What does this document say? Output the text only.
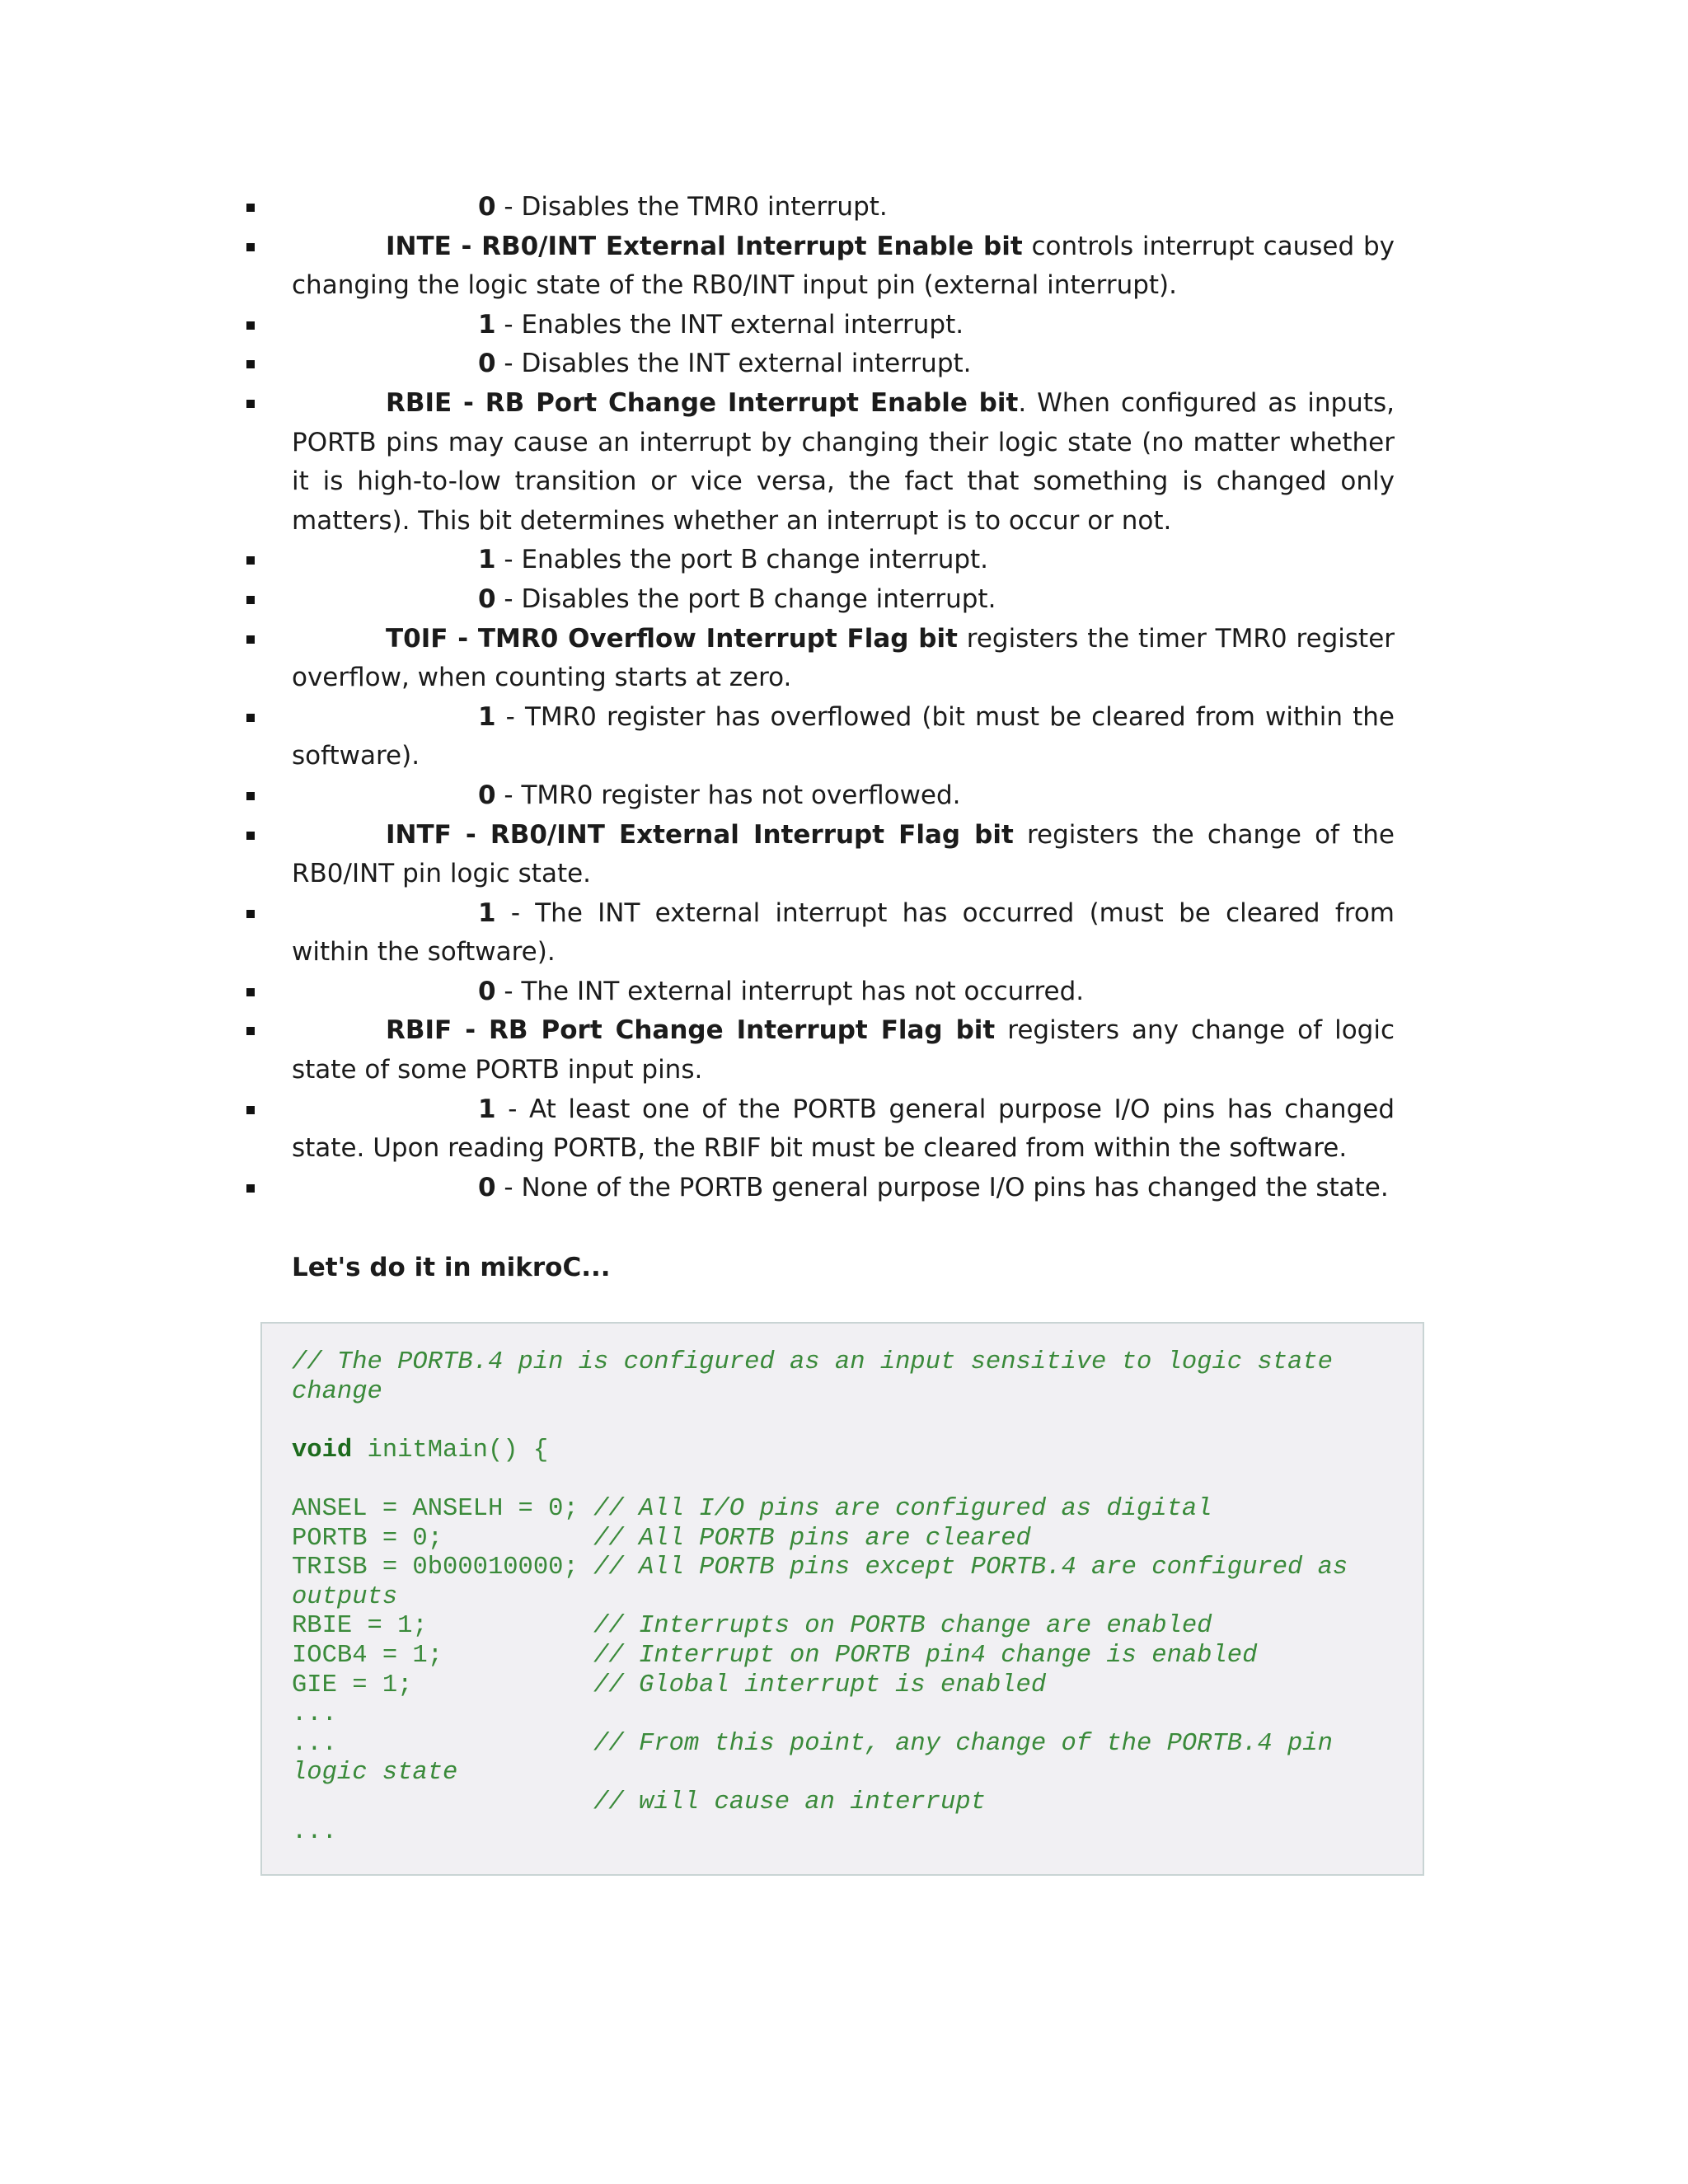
0 - Disables the TMR0 interrupt.
INTE - RB0/INT External Interrupt Enable bit controls interrupt caused by changing the logic state of the RB0/INT input pin (external interrupt).
1 - Enables the INT external interrupt.
0 - Disables the INT external interrupt.
RBIE - RB Port Change Interrupt Enable bit. When configured as inputs, PORTB pins may cause an interrupt by changing their logic state (no matter whether it is high-to-low transition or vice versa, the fact that something is changed only matters). This bit determines whether an interrupt is to occur or not.
1 - Enables the port B change interrupt.
0 - Disables the port B change interrupt.
T0IF - TMR0 Overflow Interrupt Flag bit registers the timer TMR0 register overflow, when counting starts at zero.
1 - TMR0 register has overflowed (bit must be cleared from within the software).
0 - TMR0 register has not overflowed.
INTF - RB0/INT External Interrupt Flag bit registers the change of the RB0/INT pin logic state.
1 - The INT external interrupt has occurred (must be cleared from within the software).
0 - The INT external interrupt has not occurred.
RBIF - RB Port Change Interrupt Flag bit registers any change of logic state of some PORTB input pins.
1 - At least one of the PORTB general purpose I/O pins has changed state. Upon reading PORTB, the RBIF bit must be cleared from within the software.
0 - None of the PORTB general purpose I/O pins has changed the state.
Let's do it in mikroC...
// The PORTB.4 pin is configured as an input sensitive to logic state
change

void initMain() {

ANSEL = ANSELH = 0; // All I/O pins are configured as digital
PORTB = 0;          // All PORTB pins are cleared
TRISB = 0b00010000; // All PORTB pins except PORTB.4 are configured as
outputs
RBIE = 1;           // Interrupts on PORTB change are enabled
IOCB4 = 1;          // Interrupt on PORTB pin4 change is enabled
GIE = 1;            // Global interrupt is enabled
...
...                 // From this point, any change of the PORTB.4 pin
logic state
// will cause an interrupt
...
